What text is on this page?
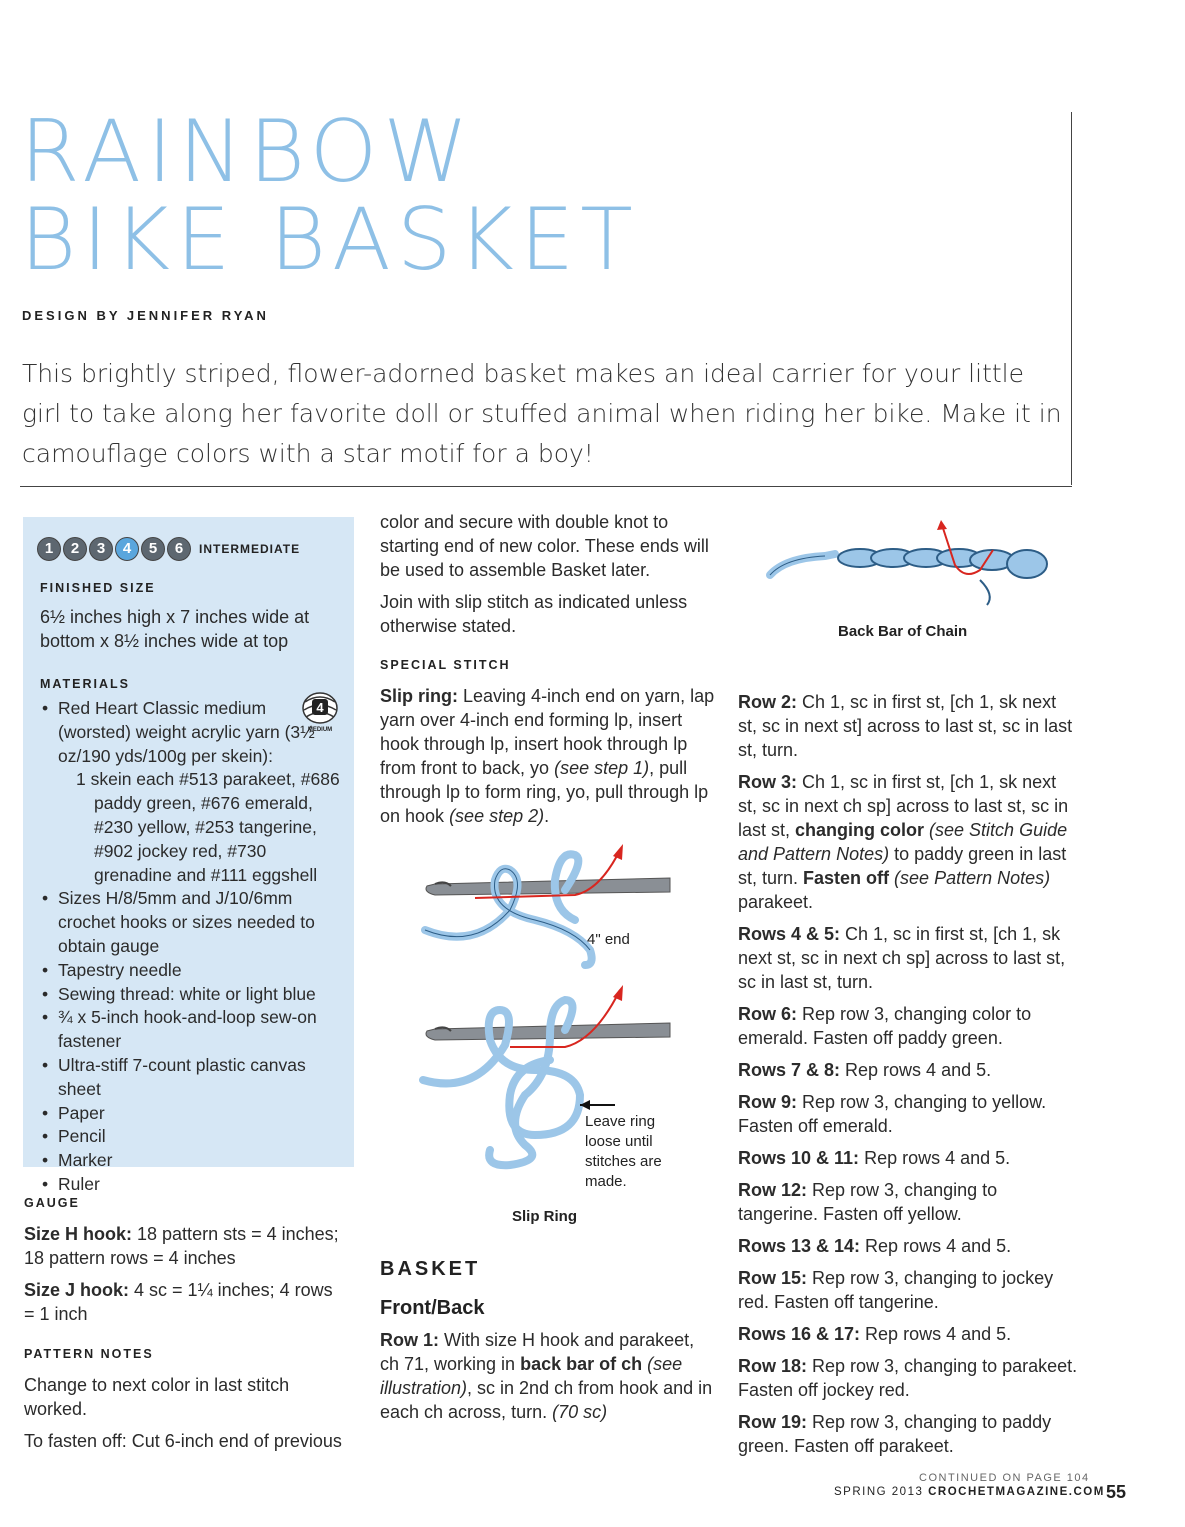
RAINBOW
BIKE BASKET
DESIGN BY JENNIFER RYAN

This brightly striped, flower-adorned basket makes an ideal carrier for your little girl to take along her favorite doll or stuffed animal when riding her bike. Make it in camouflage colors with a star motif for a boy!

1	2	3	4	5	6	INTERMEDIATE

FINISHED SIZE

6½ inches high x 7 inches wide at bottom x 8½ inches wide at top

MATERIALS

• Red Heart Classic medium (worsted) weight acrylic yarn (3½ oz/190 yds/100g per skein):
1 skein each #513 parakeet, #686 paddy green, #676 emerald, #230 yellow, #253 tangerine, #902 jockey red, #730 grenadine and #111 eggshell
• Sizes H/8/5mm and J/10/6mm crochet hooks or sizes needed to obtain gauge
• Tapestry needle
• Sewing thread: white or light blue
• ¾ x 5-inch hook-and-loop sew-on fastener
• Ultra-stiff 7-count plastic canvas sheet
• Paper
• Pencil
• Marker
• Ruler
4
MEDIUM

GAUGE

Size H hook: 18 pattern sts = 4 inches; 18 pattern rows = 4 inches

Size J hook: 4 sc = 1¼ inches; 4 rows = 1 inch

PATTERN NOTES

Change to next color in last stitch worked.

To fasten off: Cut 6-inch end of previous

color and secure with double knot to starting end of new color. These ends will be used to assemble Basket later.

Join with slip stitch as indicated unless otherwise stated.

SPECIAL STITCH

Slip ring: Leaving 4-inch end on yarn, lap yarn over 4-inch end forming lp, insert hook through lp, insert hook through lp from front to back, yo (see step 1), pull through lp to form ring, yo, pull through lp on hook (see step 2).

4" end
Leave ring loose until stitches are made.
Slip Ring

BASKET

Front/Back

Row 1: With size H hook and parakeet, ch 71, working in back bar of ch (see illustration), sc in 2nd ch from hook and in each ch across, turn. (70 sc)

Back Bar of Chain

Row 2: Ch 1, sc in first st, [ch 1, sk next st, sc in next st] across to last st, sc in last st, turn.

Row 3: Ch 1, sc in first st, [ch 1, sk next st, sc in next ch sp] across to last st, sc in last st, changing color (see Stitch Guide and Pattern Notes) to paddy green in last st, turn. Fasten off (see Pattern Notes) parakeet.

Rows 4 & 5: Ch 1, sc in first st, [ch 1, sk next st, sc in next ch sp] across to last st, sc in last st, turn.

Row 6: Rep row 3, changing color to emerald. Fasten off paddy green.

Rows 7 & 8: Rep rows 4 and 5.

Row 9: Rep row 3, changing to yellow. Fasten off emerald.

Rows 10 & 11: Rep rows 4 and 5.

Row 12: Rep row 3, changing to tangerine. Fasten off yellow.

Rows 13 & 14: Rep rows 4 and 5.

Row 15: Rep row 3, changing to jockey red. Fasten off tangerine.

Rows 16 & 17: Rep rows 4 and 5.

Row 18: Rep row 3, changing to parakeet. Fasten off jockey red.

Row 19: Rep row 3, changing to paddy green. Fasten off parakeet.

CONTINUED ON PAGE 104
SPRING 2013 CROCHETMAGAZINE.COM 55
